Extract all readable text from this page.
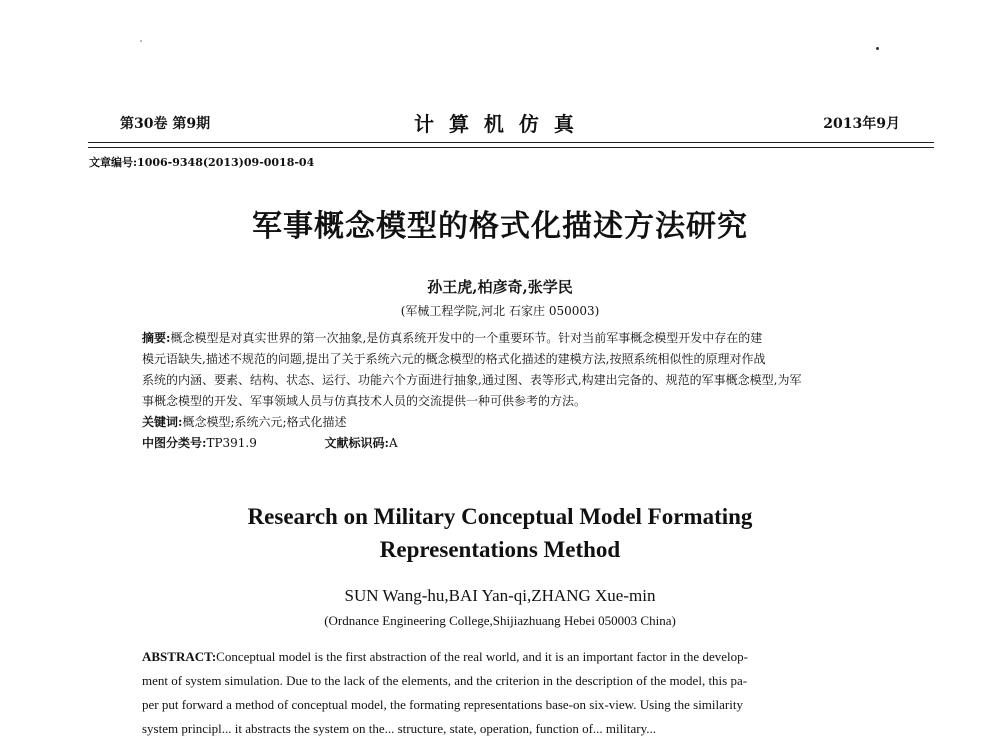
第30卷 第9期	计 算 机 仿 真	2013年9月
文章编号:1006-9348(2013)09-0018-04
军事概念模型的格式化描述方法研究
孙王虎,柏彦奇,张学民
(军械工程学院,河北 石家庄 050003)
摘要:概念模型是对真实世界的第一次抽象,是仿真系统开发中的一个重要环节。针对当前军事概念模型开发中存在的建
模元语缺失,描述不规范的问题,提出了关于系统六元的概念模型的格式化描述的建模方法,按照系统相似性的原理对作战
系统的内涵、要素、结构、状态、运行、功能六个方面进行抽象,通过图、表等形式,构建出完备的、规范的军事概念模型,为军
事概念模型的开发、军事领域人员与仿真技术人员的交流提供一种可供参考的方法。
关键词:概念模型;系统六元;格式化描述
中图分类号:TP391.9	文献标识码:A
Research on Military Conceptual Model Formating
Representations Method
SUN Wang-hu,BAI Yan-qi,ZHANG Xue-min
(Ordnance Engineering College,Shijiazhuang Hebei 050003 China)
ABSTRACT:Conceptual model is the first abstraction of the real world, and it is an important factor in the develop-
ment of system simulation. Due to the lack of the elements, and the criterion in the description of the model, this pa-
per put forward a method of conceptual model, the formating representations base-on six-view. Using the similarity
system principl... it abstracts the system on the... structure, state, operation, function of... military...
